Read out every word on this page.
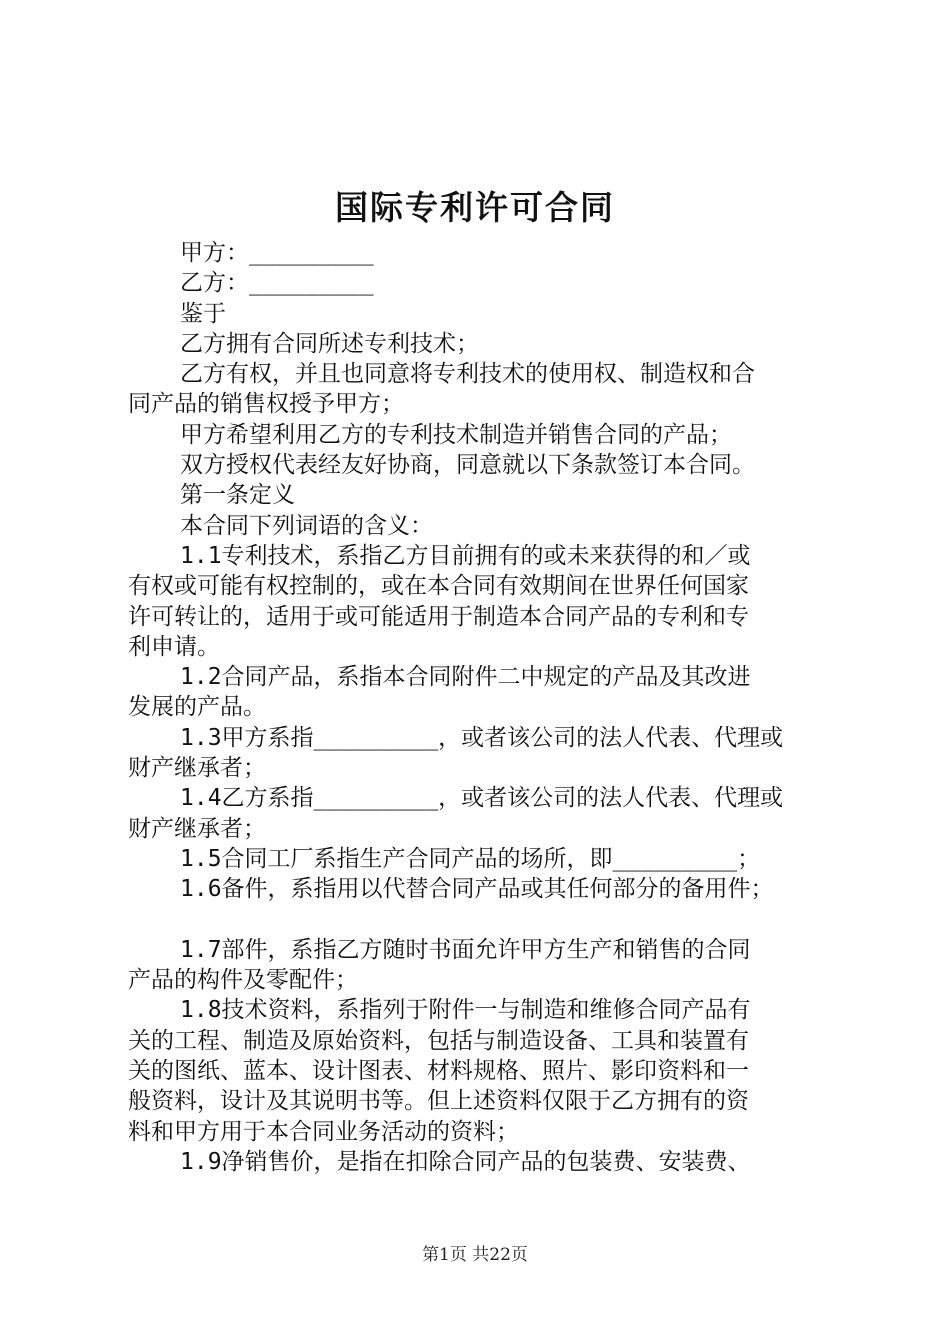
国际专利许可合同
甲方：_________
乙方：_________
鉴于
乙方拥有合同所述专利技术；
乙方有权，并且也同意将专利技术的使用权、制造权和合
同产品的销售权授予甲方；
甲方希望利用乙方的专利技术制造并销售合同的产品；
双方授权代表经友好协商，同意就以下条款签订本合同。
第一条定义
本合同下列词语的含义：
1.1专利技术，系指乙方目前拥有的或未来获得的和／或
有权或可能有权控制的，或在本合同有效期间在世界任何国家
许可转让的，适用于或可能适用于制造本合同产品的专利和专
利申请。
1.2合同产品，系指本合同附件二中规定的产品及其改进
发展的产品。
1.3甲方系指_________，或者该公司的法人代表、代理或
财产继承者；
1.4乙方系指_________，或者该公司的法人代表、代理或
财产继承者；
1.5合同工厂系指生产合同产品的场所，即_________；
1.6备件，系指用以代替合同产品或其任何部分的备用件；
1.7部件，系指乙方随时书面允许甲方生产和销售的合同
产品的构件及零配件；
1.8技术资料，系指列于附件一与制造和维修合同产品有
关的工程、制造及原始资料，包括与制造设备、工具和装置有
关的图纸、蓝本、设计图表、材料规格、照片、影印资料和一
般资料，设计及其说明书等。但上述资料仅限于乙方拥有的资
料和甲方用于本合同业务活动的资料；
1.9净销售价，是指在扣除合同产品的包装费、安装费、
第1页 共22页
